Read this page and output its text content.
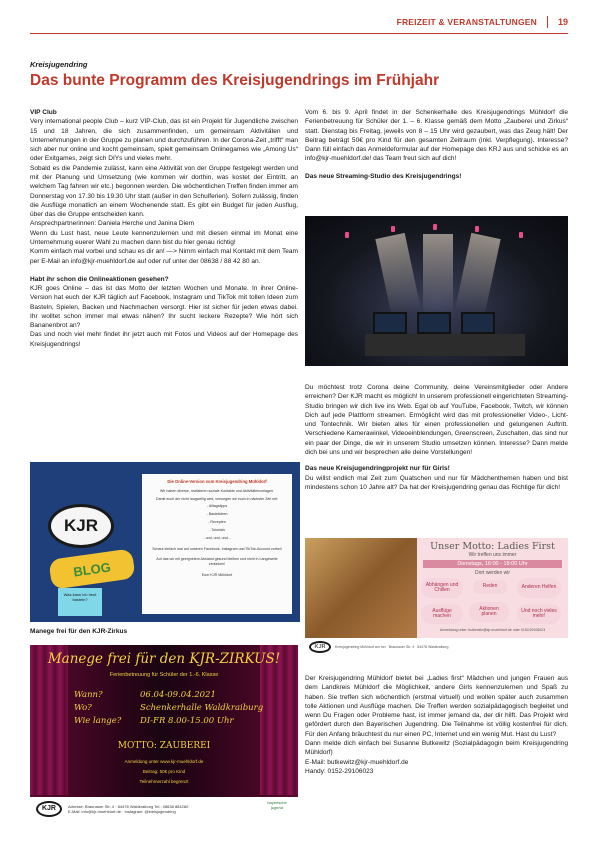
FREIZEIT & VERANSTALTUNGEN 19
Kreisjugendring
Das bunte Programm des Kreisjugendrings im Frühjahr

VIP Club

Very international people Club – kurz VIP-Club, das ist ein Projekt für Jugendliche zwischen 15 und 18 Jahren, die sich zusammenfinden, um gemeinsam Aktivitäten und Unternehmungen in der Gruppe zu planen und durchzuführen. In der Corona-Zeit „trifft“ man sich aber nur online und kocht gemeinsam, spielt gemeinsam Onlinegames wie „Among Us“ oder Exitgames, zeigt sich DIYs und vieles mehr.

Sobald es die Pandemie zulässt, kann eine Aktivität von der Gruppe festgelegt werden und mit der Planung und Umsetzung (wie kommen wir dorthin, was kostet der Eintritt, an welchem Tag fahren wir etc.) begonnen werden. Die wöchentlichen Treffen finden immer am Donnerstag von 17.30 bis 19.30 Uhr statt (außer in den Schulferien). Sofern zulässig, finden die Ausflüge monatlich an einem Wochenende statt. Es gibt ein Budget für jeden Ausflug, über das die Gruppe entscheiden kann.

Ansprechpartnerinnen: Daniela Herche und Janina Diem

Wenn du Lust hast, neue Leute kennenzulernen und mit diesen einmal im Monat eine Unternehmung euerer Wahl zu machen dann bist du hier genau richtig!

Komm einfach mal vorbei und schau es dir an! —> Nimm einfach mal Kontakt mit dem Team per E-Mail an info@kjr-muehldorf.de auf oder ruf unter der 08638 / 88 42 80 an.

Habt ihr schon die Onlineaktionen gesehen?

KJR goes Online – das ist das Motto der letzten Wochen und Monate. In ihrer Online-Version hat euch der KJR täglich auf Facebook, Instagram und TikTok mit tollen Ideen zum Basteln, Spielen, Backen und Nachmachen versorgt. Hier ist sicher für jeden etwas dabei. Ihr wolltet schon immer mal etwas nähen? Ihr sucht leckere Rezepte? Wie hört sich Bananenbrot an?

Das und noch viel mehr findet ihr jetzt auch mit Fotos und Videos auf der Homepage des Kreisjugendrings!

KJR
BLOG
Was kann ich heut basteln?
Die Online-Version vom Kreisjugendring Mühldorf
Wir haben diverse, realisieren soziale Kontakte und Aktivitätenvorlagen.
Damit euch der nicht langweilig wird, versorgen wir euch in nächster Zeit mit:
- Alltagstipps
- Bastelideen
- Rezepten
- Tutorials
- und, und, und...
Schaut einfach mal auf unseren Facebook, Instagram und TikTok-Account vorbei!
Auf das wir mit geeignetem Abstand gesund bleiben und nicht in Langeweile versinken!
Euer KJR Mühldorf
Manege frei für den KJR-Zirkus
Manege frei für den KJR-ZIRKUS!
Ferienbetreuung für Schüler der 1.-6. Klasse
Wann?	06.04-09.04.2021
Wo?	Schenkerhalle Waldkraiburg
Wie lange? DI-FR 8.00-15.00 Uhr
MOTTO: ZAUBEREI
Anmeldung unter www.kjr-muehldorf.de
Beitrag: 50€ pro Kind
Teilnehmerzahl begrenzt
KJR	Adresse: Braunauer Str. 4 · 84478 Waldkraiburg Tel.: 08638 884280
E-Mail: info@kjr-muehldorf.de · Instagram: @kreisjugendring
bayerische jugend

Vom 6. bis 9. April findet in der Schenkerhalle des Kreisjugendrings Mühldorf die Ferienbetreuung für Schüler der 1. – 6. Klasse gemäß dem Motto „Zauberei und Zirkus“ statt. Dienstag bis Freitag, jeweils von 8 – 15 Uhr wird gezaubert, was das Zeug hält! Der Beitrag beträgt 50€ pro Kind für den gesamten Zeitraum (inkl. Verpflegung). Interesse? Dann füll einfach das Anmeldeformular auf der Homepage des KRJ aus und schicke es an info@kjr-muehldorf.de! das Team freut sich auf dich!

Das neue Streaming-Studio des Kreisjugendrings!

Du möchtest trotz Corona deine Community, deine Vereinsmitglieder oder Andere erreichen? Der KJR macht es möglich! In unserem professionell eingerichteten Streaming-Studio bringen wir dich live ins Web. Egal ob auf YouTube, Facebook, Twitch, wir können Dich auf jede Plattform streamen. Ermöglicht wird das mit professioneller Video-, Licht- und Tontechnik. Wir bieten alles für einen professionellen und gelungenen Auftritt. Verschiedene Kamerawinkel, Videoeinblendungen, Greenscreen, Zuschalten, das sind nur ein paar der Dinge, die wir in unserem Studio umsetzen können. Interesse? Dann melde dich bei uns und wir besprechen alle deine Vorstellungen!

Das neue Kreisjugendringprojekt nur für Girls!

Du willst endlich mal Zeit zum Quatschen und nur für Mädchenthemen haben und bist mindestens schon 10 Jahre alt? Da hat der Kreisjugendring genau das Richtige für dich!

Unser Motto: Ladies First
Wir treffen uns immer
Dienstags, 16:00 - 18:00 Uhr
Dort werden wir
Abhängen und Chillen
Reden	Anderen Helfen
Aktionen planen
Ausflüge machen
Und noch vieles mehr!
Anmeldung unter: butkewitz@kjr-muehldorf.de oder 0152/29106023
KJR	Kreisjugendring Mühldorf am Inn · Braunauer Str. 4 · 84478 Waldkraiburg

Der Kreisjugendring Mühldorf bietet bei „Ladies first“ Mädchen und jungen Frauen aus dem Landkreis Mühldorf die Möglichkeit, andere Girls kennenzulernen und Spaß zu haben. Sie treffen sich wöchentlich (erstmal virtuell) und wollen später auch zusammen tolle Aktionen und Ausflüge machen. Die Treffen werden sozialpädagogisch begleitet und wenn Du Fragen oder Probleme hast, ist immer jemand da, der dir hilft. Das Projekt wird gefördert durch den Bayerischen Jugendring. Die Teilnahme ist völlig kostenfrei für dich. Für den Anfang bräuchtest du nur einen PC, Internet und ein wenig Mut. Hast du Lust?

Dann melde dich einfach bei Susanne Butkewitz (Sozialpädagogin beim Kreisjugendring Mühldorf)

E-Mail: butkewitz@kjr-muehldorf.de

Handy: 0152-29106023
